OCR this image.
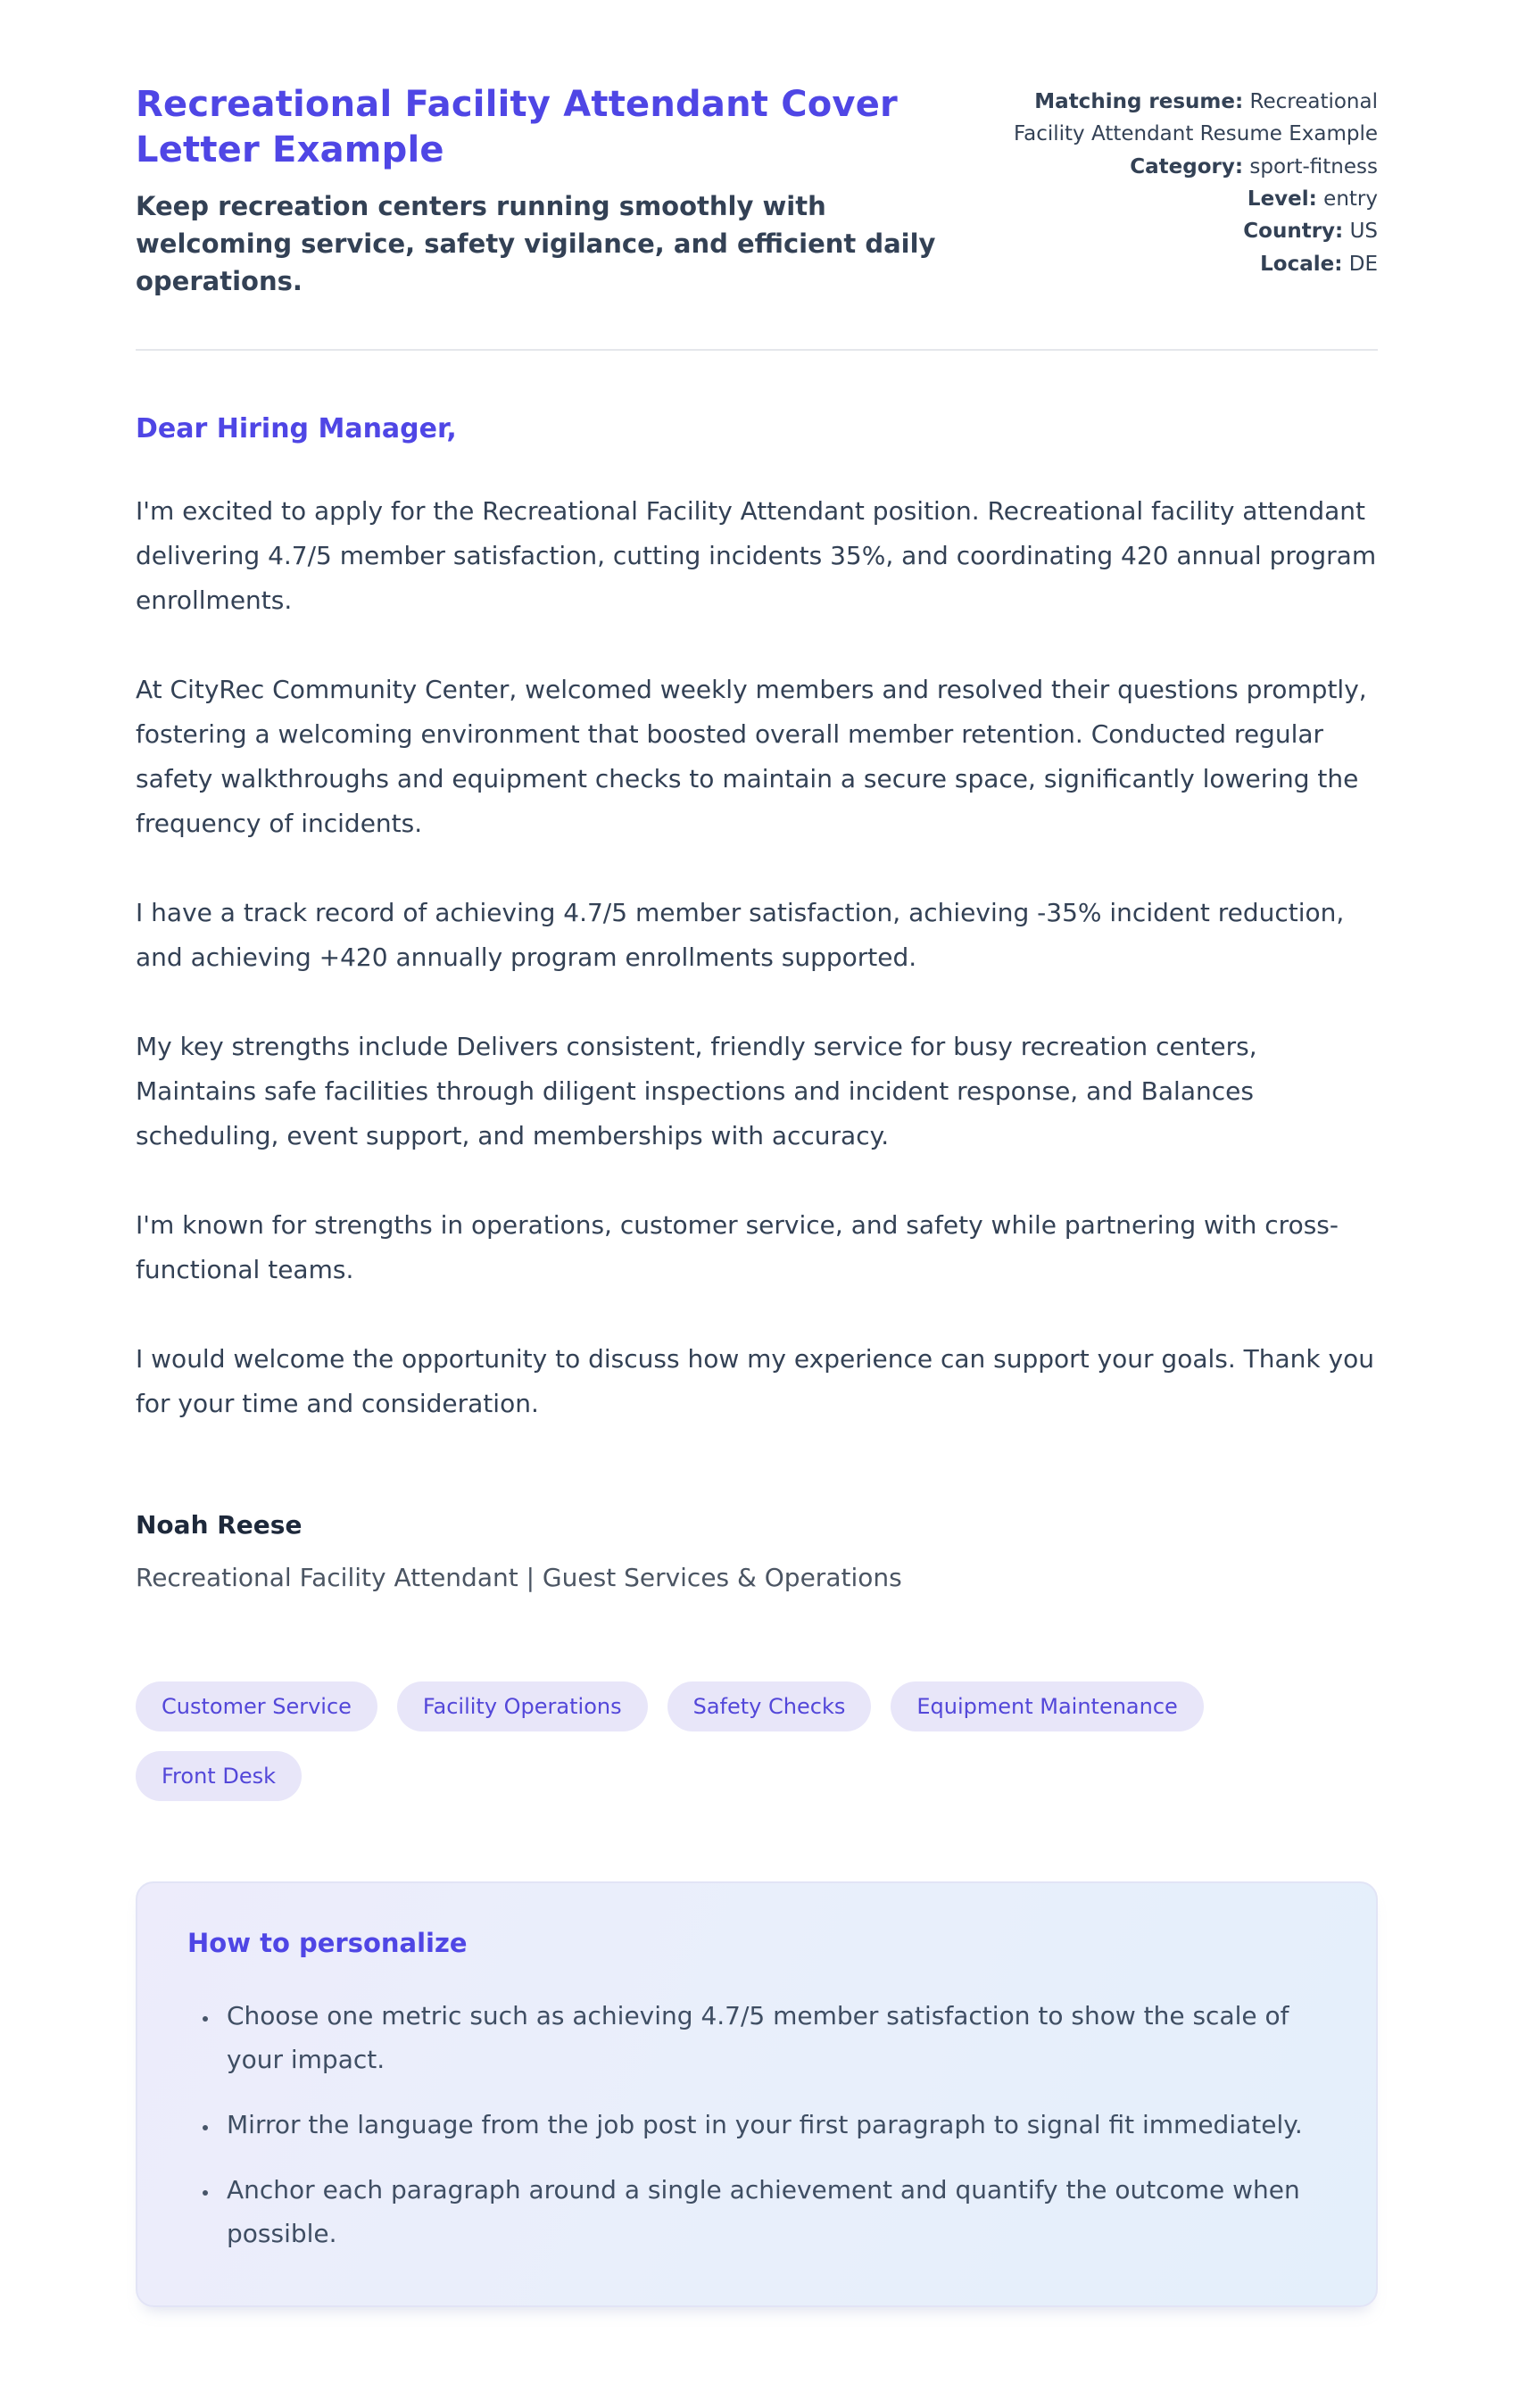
Recreational Facility Attendant Cover Letter Example
Keep recreation centers running smoothly with welcoming service, safety vigilance, and efficient daily operations.
Matching resume: Recreational Facility Attendant Resume Example
Category: sport-fitness
Level: entry
Country: US
Locale: DE
Dear Hiring Manager,

I'm excited to apply for the Recreational Facility Attendant position. Recreational facility attendant delivering 4.7/5 member satisfaction, cutting incidents 35%, and coordinating 420 annual program enrollments.

At CityRec Community Center, welcomed weekly members and resolved their questions promptly, fostering a welcoming environment that boosted overall member retention. Conducted regular safety walkthroughs and equipment checks to maintain a secure space, significantly lowering the frequency of incidents.

I have a track record of achieving 4.7/5 member satisfaction, achieving -35% incident reduction, and achieving +420 annually program enrollments supported.

My key strengths include Delivers consistent, friendly service for busy recreation centers, Maintains safe facilities through diligent inspections and incident response, and Balances scheduling, event support, and memberships with accuracy.

I'm known for strengths in operations, customer service, and safety while partnering with cross-functional teams.

I would welcome the opportunity to discuss how my experience can support your goals. Thank you for your time and consideration.

Noah Reese
Recreational Facility Attendant | Guest Services & Operations
Customer Service	Facility Operations	Safety Checks	Equipment Maintenance
Front Desk
How to personalize
• Choose one metric such as achieving 4.7/5 member satisfaction to show the scale of your impact.
• Mirror the language from the job post in your first paragraph to signal fit immediately.
• Anchor each paragraph around a single achievement and quantify the outcome when possible.
